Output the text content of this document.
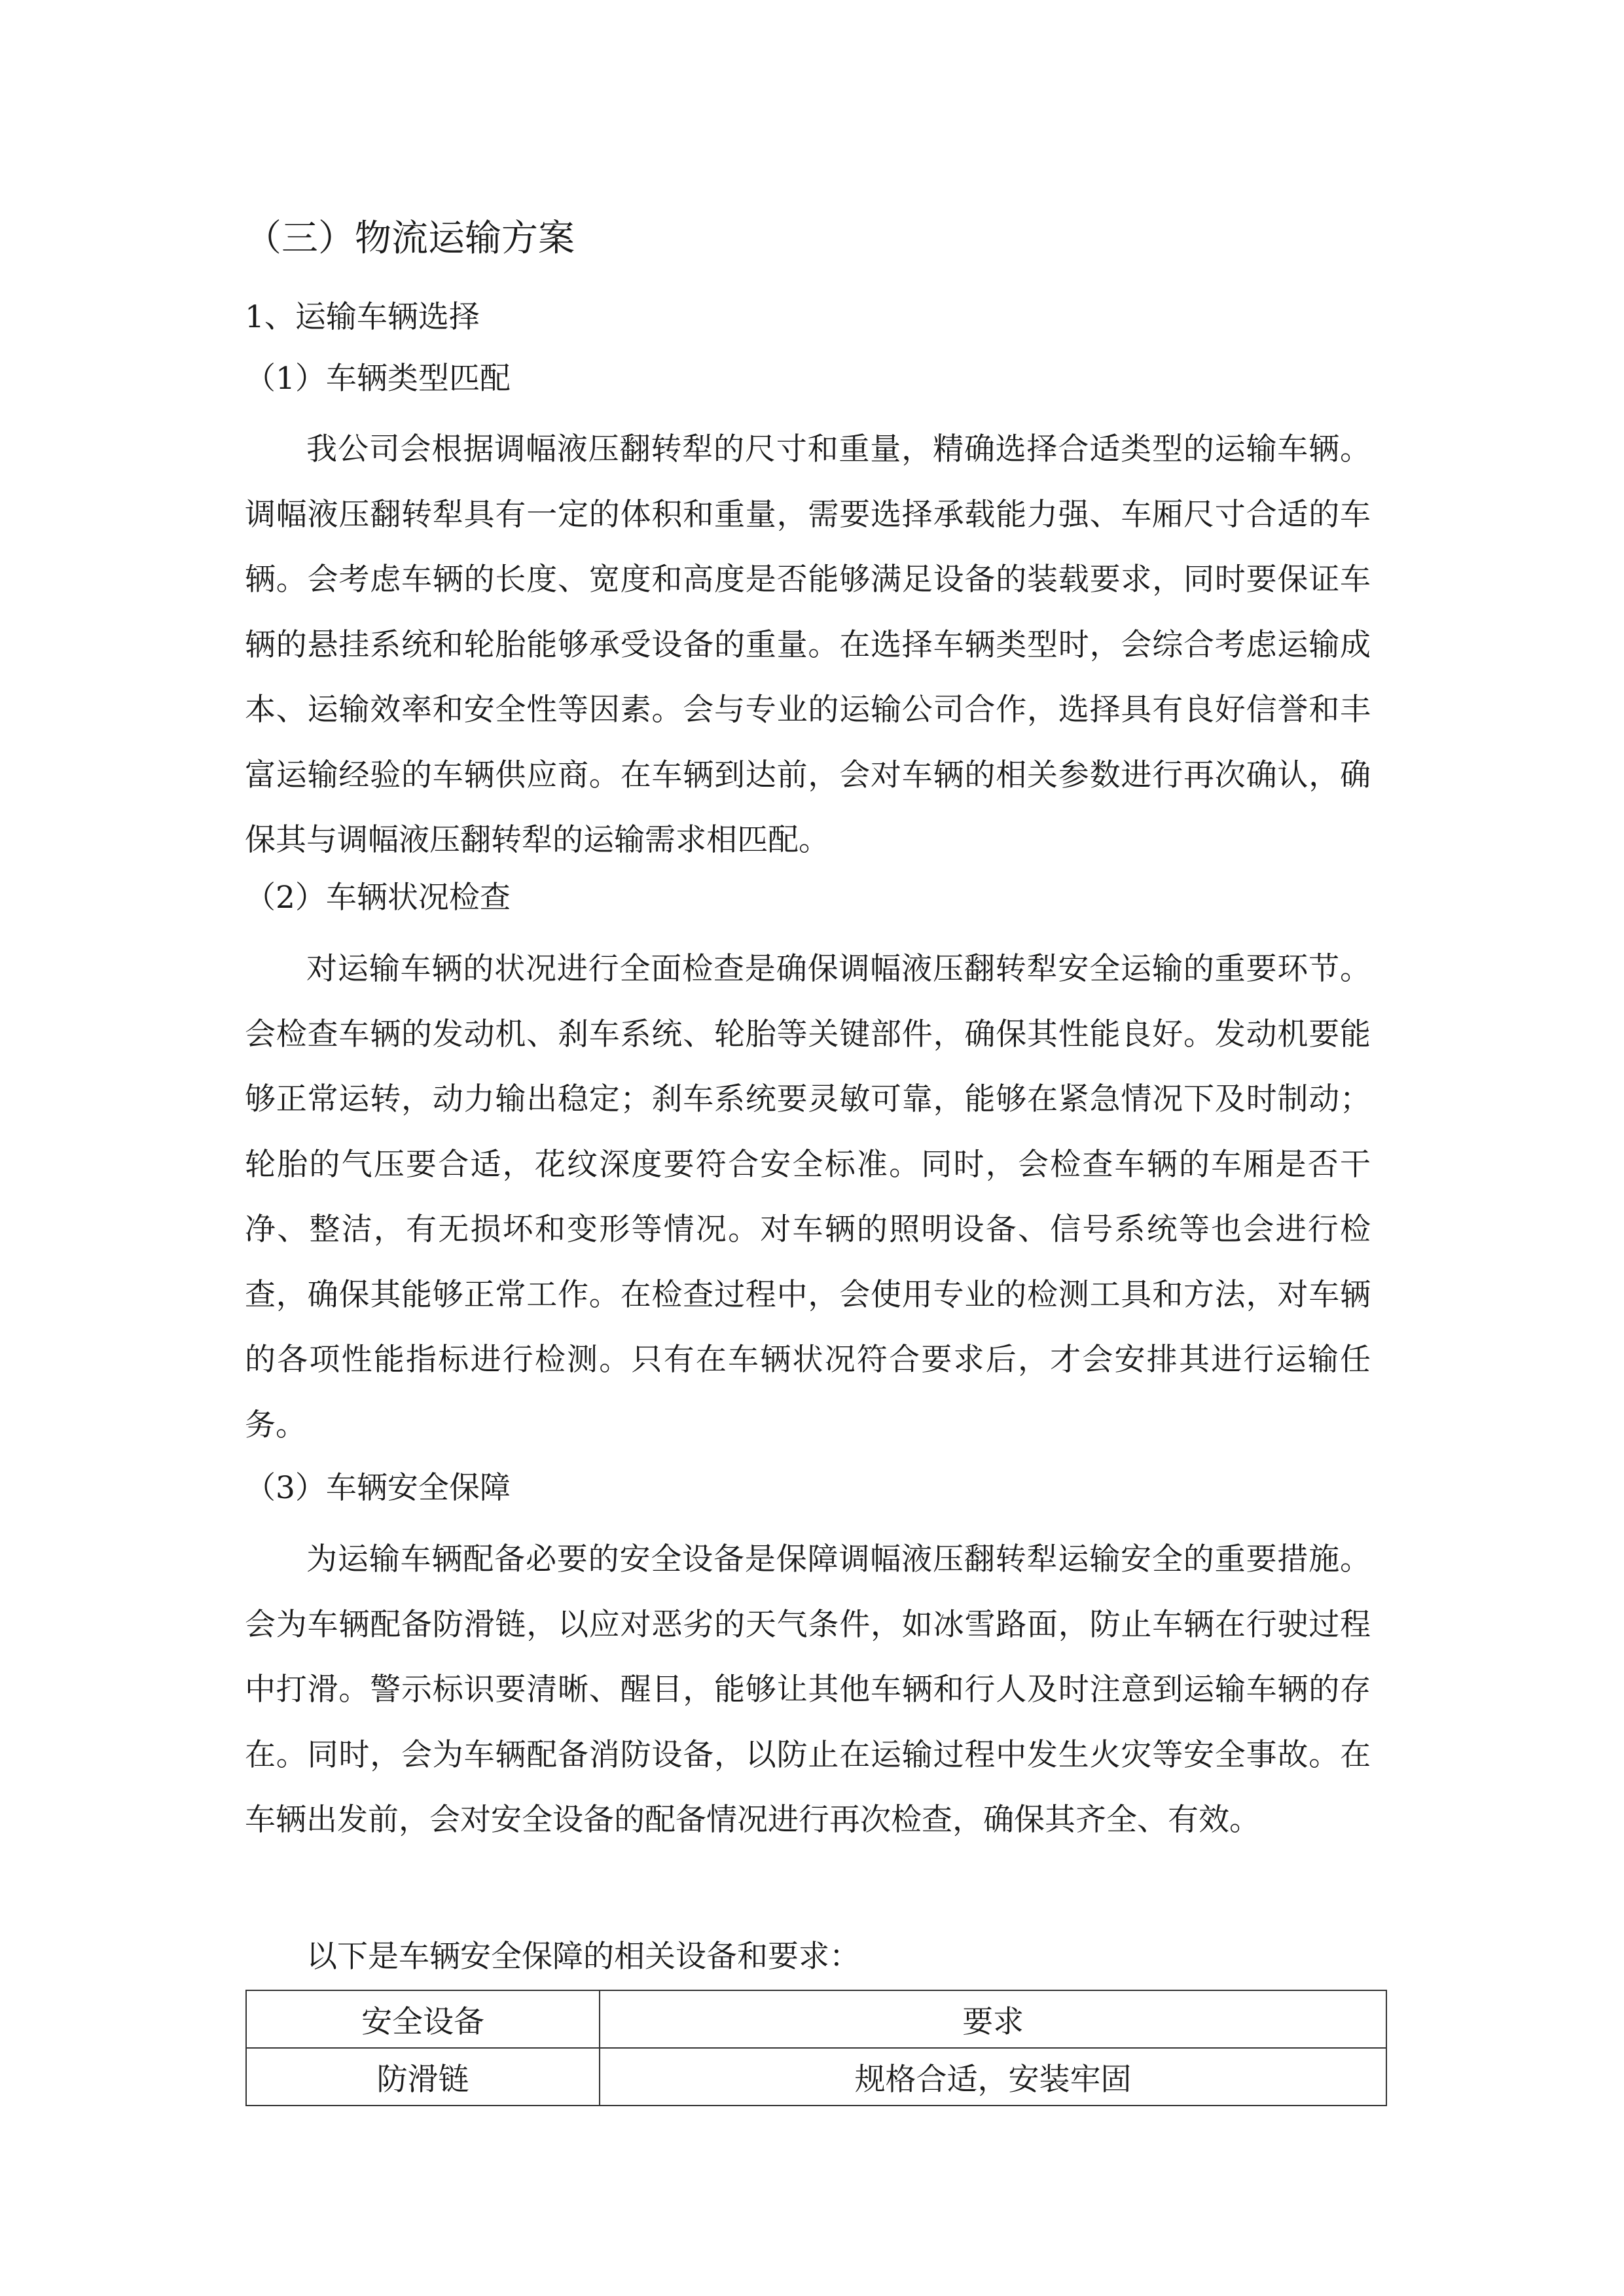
（三）物流运输方案
1、运输车辆选择
（1）车辆类型匹配
我公司会根据调幅液压翻转犁的尺寸和重量，精确选择合适类型的运输车辆。调幅液压翻转犁具有一定的体积和重量，需要选择承载能力强、车厢尺寸合适的车辆。会考虑车辆的长度、宽度和高度是否能够满足设备的装载要求，同时要保证车辆的悬挂系统和轮胎能够承受设备的重量。在选择车辆类型时，会综合考虑运输成本、运输效率和安全性等因素。会与专业的运输公司合作，选择具有良好信誉和丰富运输经验的车辆供应商。在车辆到达前，会对车辆的相关参数进行再次确认，确保其与调幅液压翻转犁的运输需求相匹配。
（2）车辆状况检查
对运输车辆的状况进行全面检查是确保调幅液压翻转犁安全运输的重要环节。会检查车辆的发动机、刹车系统、轮胎等关键部件，确保其性能良好。发动机要能够正常运转，动力输出稳定；刹车系统要灵敏可靠，能够在紧急情况下及时制动；轮胎的气压要合适，花纹深度要符合安全标准。同时，会检查车辆的车厢是否干净、整洁，有无损坏和变形等情况。对车辆的照明设备、信号系统等也会进行检查，确保其能够正常工作。在检查过程中，会使用专业的检测工具和方法，对车辆的各项性能指标进行检测。只有在车辆状况符合要求后，才会安排其进行运输任务。
（3）车辆安全保障
为运输车辆配备必要的安全设备是保障调幅液压翻转犁运输安全的重要措施。会为车辆配备防滑链，以应对恶劣的天气条件，如冰雪路面，防止车辆在行驶过程中打滑。警示标识要清晰、醒目，能够让其他车辆和行人及时注意到运输车辆的存在。同时，会为车辆配备消防设备，以防止在运输过程中发生火灾等安全事故。在车辆出发前，会对安全设备的配备情况进行再次检查，确保其齐全、有效。
以下是车辆安全保障的相关设备和要求：
安全设备	要求
防滑链	规格合适，安装牢固
